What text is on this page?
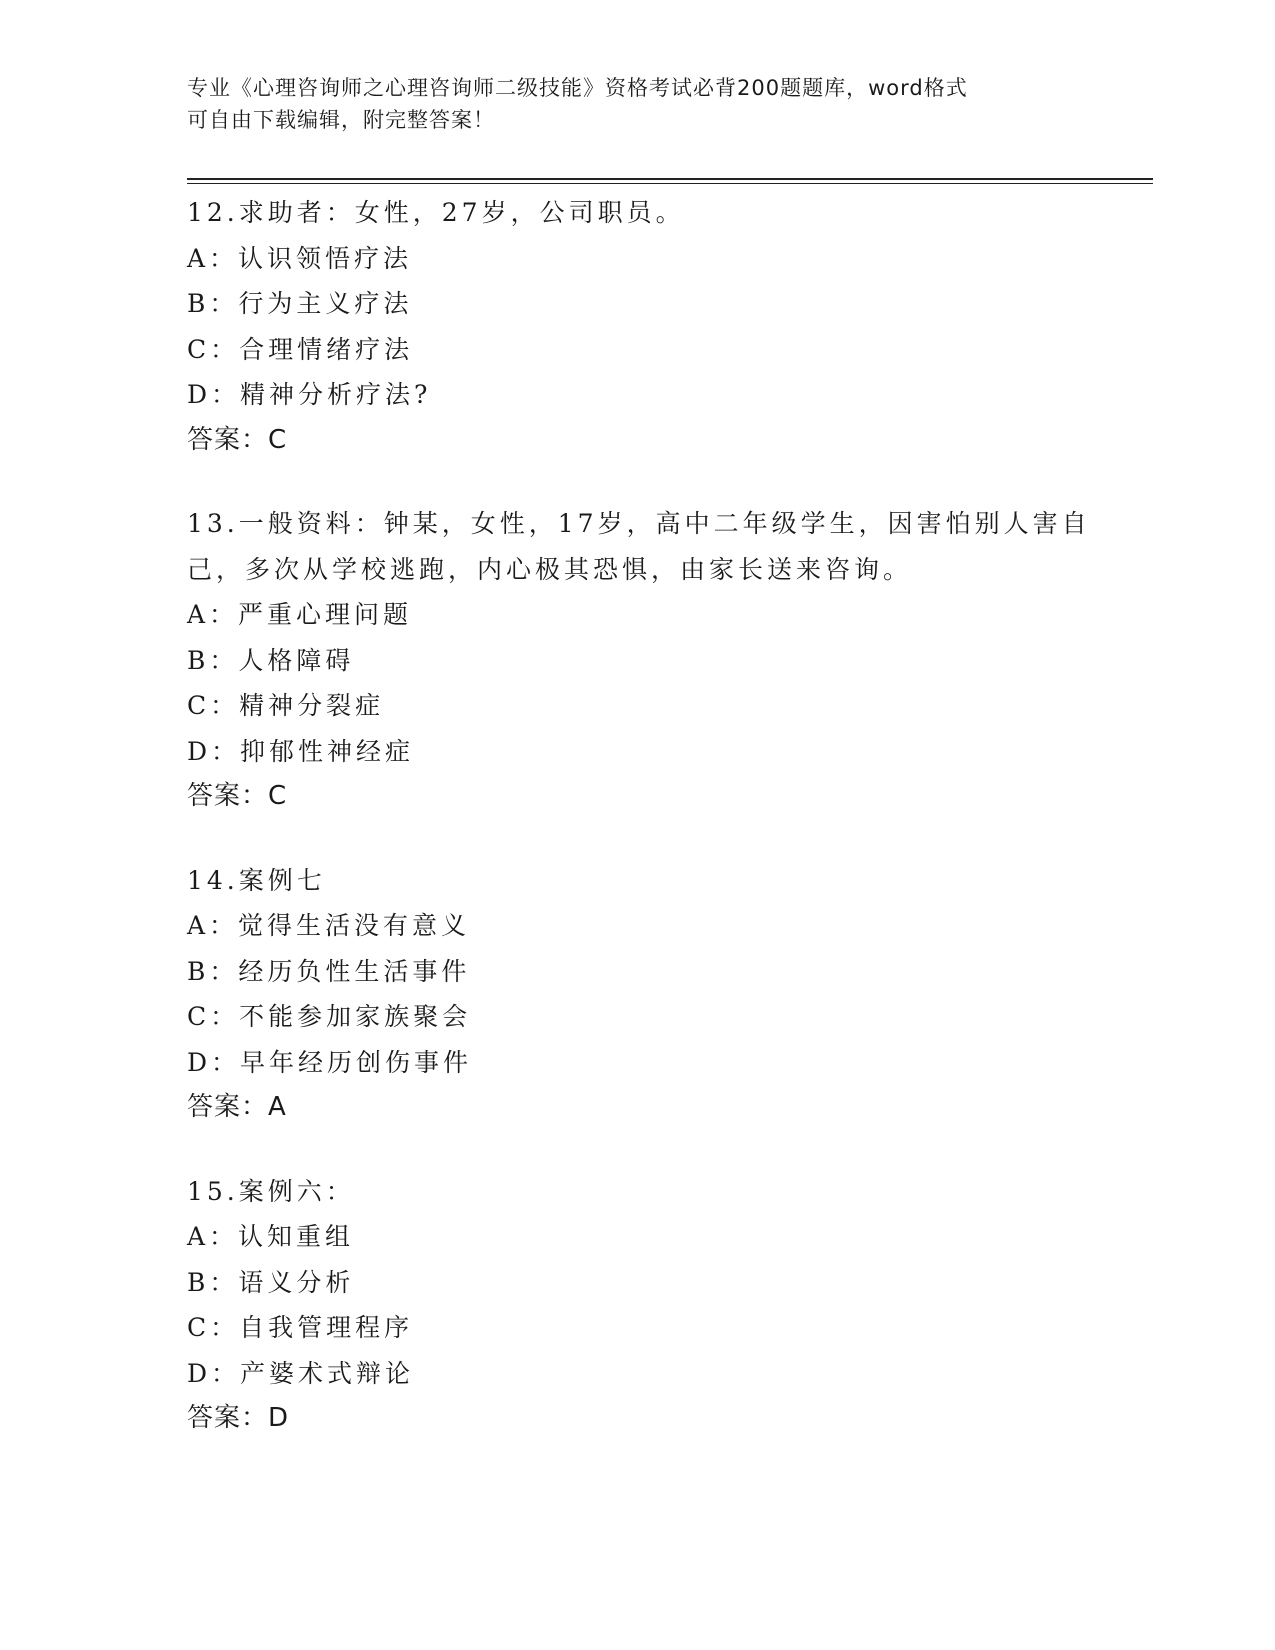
专业《心理咨询师之心理咨询师二级技能》资格考试必背200题题库，word格式
可自由下载编辑，附完整答案！

12.求助者：女性，27岁，公司职员。

A：认识领悟疗法

B：行为主义疗法

C：合理情绪疗法

D：精神分析疗法?

答案：C

13.一般资料：钟某，女性，17岁，高中二年级学生，因害怕别人害自己，多次从学校逃跑，内心极其恐惧，由家长送来咨询。

A：严重心理问题

B：人格障碍

C：精神分裂症

D：抑郁性神经症

答案：C

14.案例七

A：觉得生活没有意义

B：经历负性生活事件

C：不能参加家族聚会

D：早年经历创伤事件

答案：A

15.案例六：

A：认知重组

B：语义分析

C：自我管理程序

D：产婆术式辩论

答案：D
